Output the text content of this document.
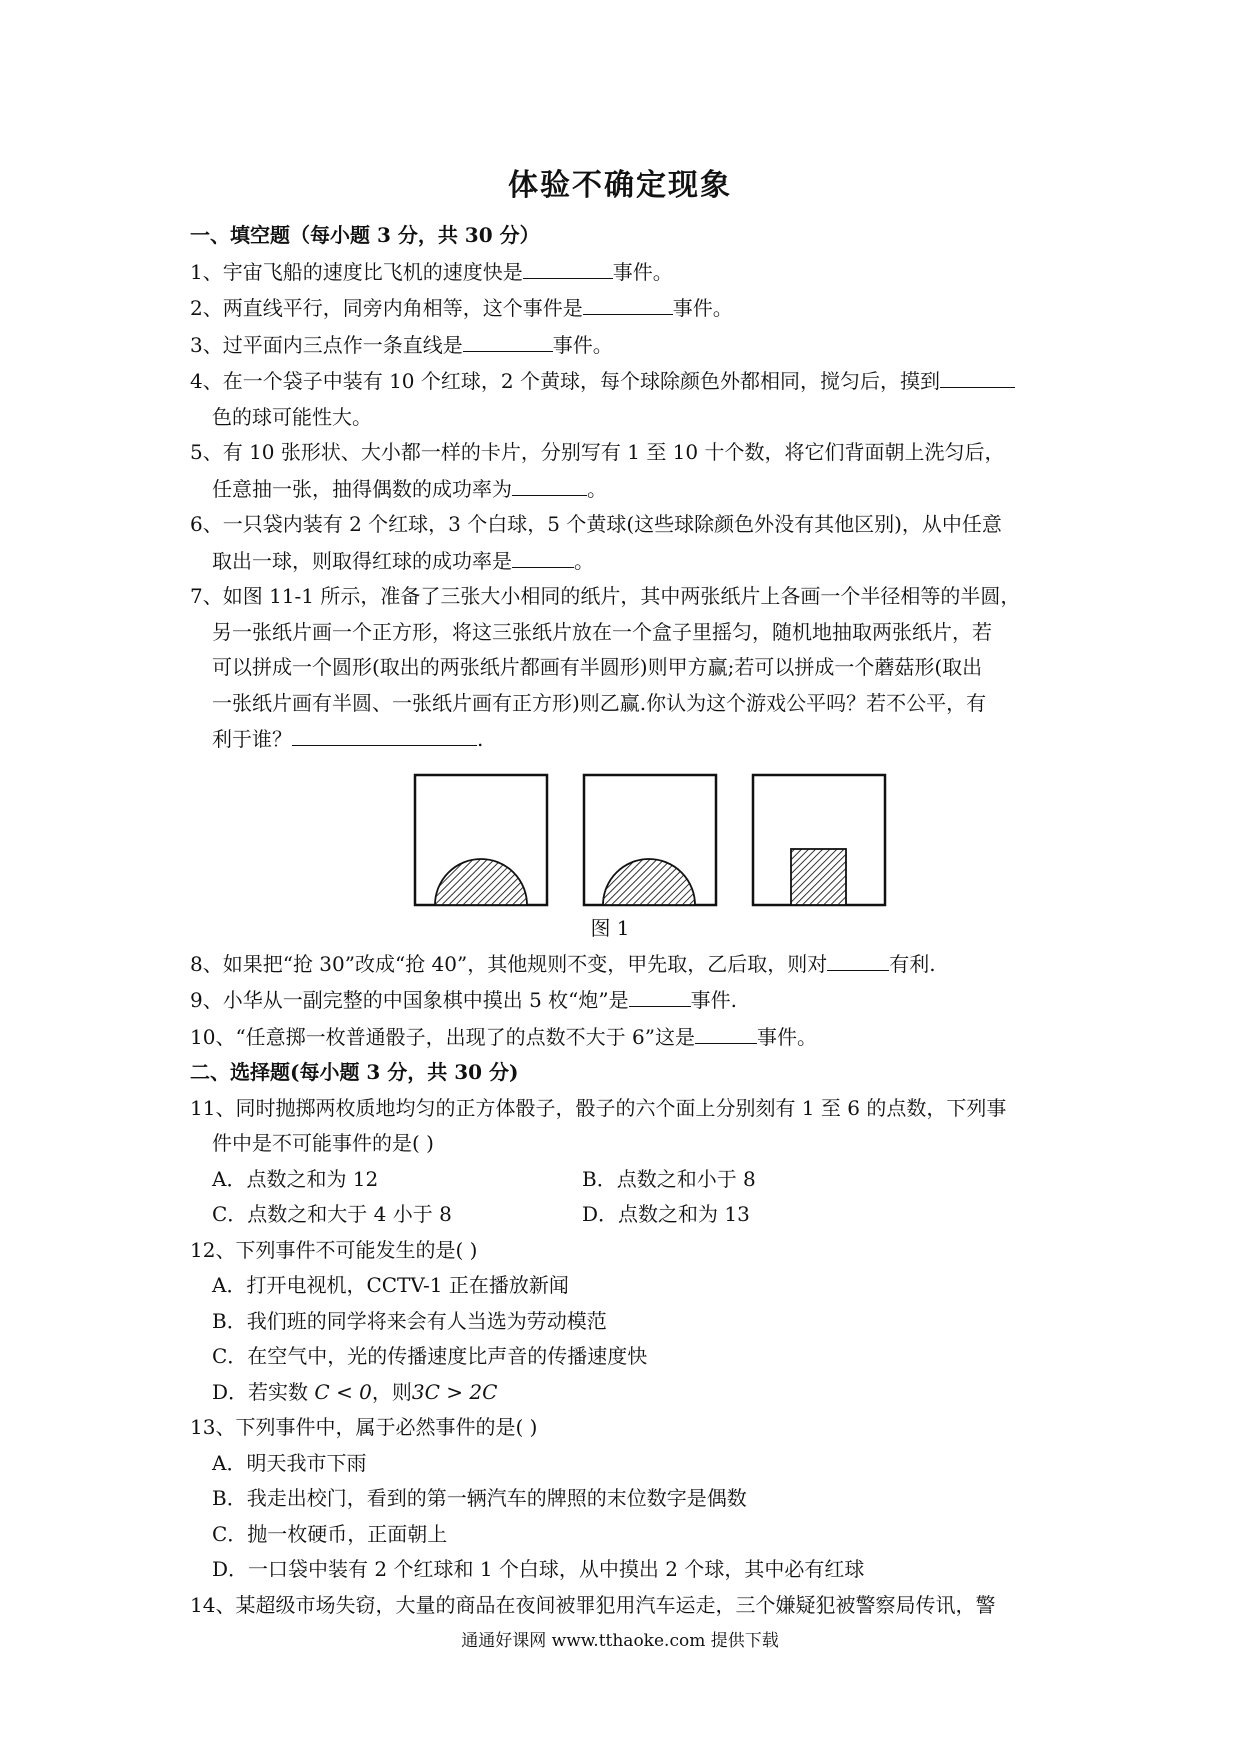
体验不确定现象
一、填空题（每小题 3 分，共 30 分）
1、宇宙飞船的速度比飞机的速度快是	事件。
2、两直线平行，同旁内角相等，这个事件是	事件。
3、过平面内三点作一条直线是	事件。
4、在一个袋子中装有 10 个红球，2 个黄球，每个球除颜色外都相同，搅匀后，摸到
色的球可能性大。
5、有 10 张形状、大小都一样的卡片，分别写有 1 至 10 十个数，将它们背面朝上洗匀后，
任意抽一张，抽得偶数的成功率为	。
6、一只袋内装有 2 个红球，3 个白球，5 个黄球(这些球除颜色外没有其他区别)，从中任意
取出一球，则取得红球的成功率是	。
7、如图 11-1 所示，准备了三张大小相同的纸片，其中两张纸片上各画一个半径相等的半圆，
另一张纸片画一个正方形，将这三张纸片放在一个盒子里摇匀，随机地抽取两张纸片，若
可以拼成一个圆形(取出的两张纸片都画有半圆形)则甲方赢;若可以拼成一个蘑菇形(取出
一张纸片画有半圆、一张纸片画有正方形)则乙赢.你认为这个游戏公平吗？若不公平，有
利于谁？	.
图 1
8、如果把“抢 30”改成“抢 40”，其他规则不变，甲先取，乙后取，则对	有利.
9、小华从一副完整的中国象棋中摸出 5 枚“炮”是	事件.
10、“任意掷一枚普通骰子，出现了的点数不大于 6”这是	事件。
二、选择题(每小题 3 分，共 30 分)
11、同时抛掷两枚质地均匀的正方体骰子，骰子的六个面上分别刻有 1 至 6 的点数，下列事
件中是不可能事件的是( )
A．点数之和为 12	B．点数之和小于 8
C．点数之和大于 4 小于 8	D．点数之和为 13
12、下列事件不可能发生的是( )
A．打开电视机，CCTV-1 正在播放新闻
B．我们班的同学将来会有人当选为劳动模范
C．在空气中，光的传播速度比声音的传播速度快
D．若实数 C < 0，则3C > 2C
13、下列事件中，属于必然事件的是( )
A．明天我市下雨
B．我走出校门，看到的第一辆汽车的牌照的末位数字是偶数
C．抛一枚硬币，正面朝上
D．一口袋中装有 2 个红球和 1 个白球，从中摸出 2 个球，其中必有红球
14、某超级市场失窃，大量的商品在夜间被罪犯用汽车运走，三个嫌疑犯被警察局传讯，警
通通好课网 www.tthaoke.com 提供下载
